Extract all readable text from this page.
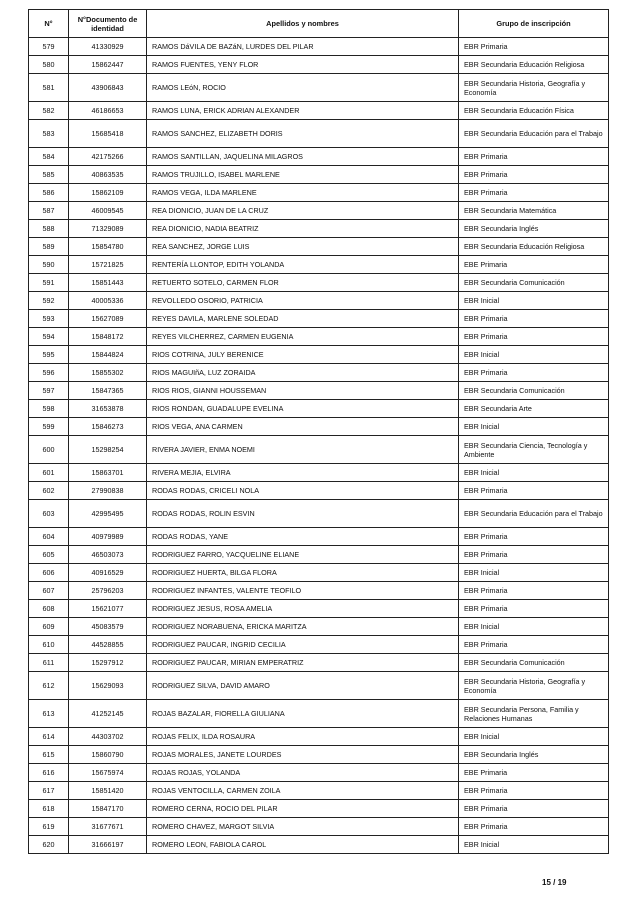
N°	N°Documento de identidad	Apellidos y nombres	Grupo de inscripción
579	41330929	RAMOS DáVILA DE BAZáN, LURDES DEL PILAR	EBR Primaria
580	15862447	RAMOS FUENTES, YENY FLOR	EBR Secundaria Educación Religiosa
581	43906843	RAMOS LEóN, ROCIO	EBR Secundaria Historia, Geografía y Economía
582	46186653	RAMOS LUNA, ERICK ADRIAN ALEXANDER	EBR Secundaria Educación Física
583	15685418	RAMOS SANCHEZ, ELIZABETH DORIS	EBR Secundaria Educación para el Trabajo
584	42175266	RAMOS SANTILLAN, JAQUELINA MILAGROS	EBR Primaria
585	40863535	RAMOS TRUJILLO, ISABEL MARLENE	EBR Primaria
586	15862109	RAMOS VEGA, ILDA MARLENE	EBR Primaria
587	46009545	REA DIONICIO, JUAN DE LA CRUZ	EBR Secundaria Matemática
588	71329089	REA DIONICIO, NADIA BEATRIZ	EBR Secundaria Inglés
589	15854780	REA SANCHEZ, JORGE LUIS	EBR Secundaria Educación Religiosa
590	15721825	RENTERÍA LLONTOP, EDITH YOLANDA	EBE Primaria
591	15851443	RETUERTO SOTELO, CARMEN FLOR	EBR Secundaria Comunicación
592	40005336	REVOLLEDO OSORIO, PATRICIA	EBR Inicial
593	15627089	REYES DAVILA, MARLENE SOLEDAD	EBR Primaria
594	15848172	REYES VILCHERREZ, CARMEN EUGENIA	EBR Primaria
595	15844824	RIOS COTRINA, JULY BERENICE	EBR Inicial
596	15855302	RIOS MAGUIñA, LUZ ZORAIDA	EBR Primaria
597	15847365	RIOS RIOS, GIANNI HOUSSEMAN	EBR Secundaria Comunicación
598	31653878	RIOS RONDAN, GUADALUPE EVELINA	EBR Secundaria Arte
599	15846273	RIOS VEGA, ANA CARMEN	EBR Inicial
600	15298254	RIVERA JAVIER, ENMA NOEMI	EBR Secundaria Ciencia, Tecnología y Ambiente
601	15863701	RIVERA MEJIA, ELVIRA	EBR Inicial
602	27990838	RODAS RODAS, CRICELI NOLA	EBR Primaria
603	42995495	RODAS RODAS, ROLIN ESVIN	EBR Secundaria Educación para el Trabajo
604	40979989	RODAS RODAS, YANE	EBR Primaria
605	46503073	RODRIGUEZ FARRO, YACQUELINE ELIANE	EBR Primaria
606	40916529	RODRIGUEZ HUERTA, BILGA FLORA	EBR Inicial
607	25796203	RODRIGUEZ INFANTES, VALENTE TEOFILO	EBR Primaria
608	15621077	RODRIGUEZ JESUS, ROSA AMELIA	EBR Primaria
609	45083579	RODRIGUEZ NORABUENA, ERICKA MARITZA	EBR Inicial
610	44528855	RODRIGUEZ PAUCAR, INGRID CECILIA	EBR Primaria
611	15297912	RODRIGUEZ PAUCAR, MIRIAN EMPERATRIZ	EBR Secundaria Comunicación
612	15629093	RODRIGUEZ SILVA, DAVID AMARO	EBR Secundaria Historia, Geografía y Economía
613	41252145	ROJAS BAZALAR, FIORELLA GIULIANA	EBR Secundaria Persona, Familia y Relaciones Humanas
614	44303702	ROJAS FELIX, ILDA ROSAURA	EBR Inicial
615	15860790	ROJAS MORALES, JANETE LOURDES	EBR Secundaria Inglés
616	15675974	ROJAS ROJAS, YOLANDA	EBE Primaria
617	15851420	ROJAS VENTOCILLA, CARMEN ZOILA	EBR Primaria
618	15847170	ROMERO CERNA, ROCIO DEL PILAR	EBR Primaria
619	31677671	ROMERO CHAVEZ, MARGOT SILVIA	EBR Primaria
620	31666197	ROMERO LEON, FABIOLA CAROL	EBR Inicial
15 / 19
